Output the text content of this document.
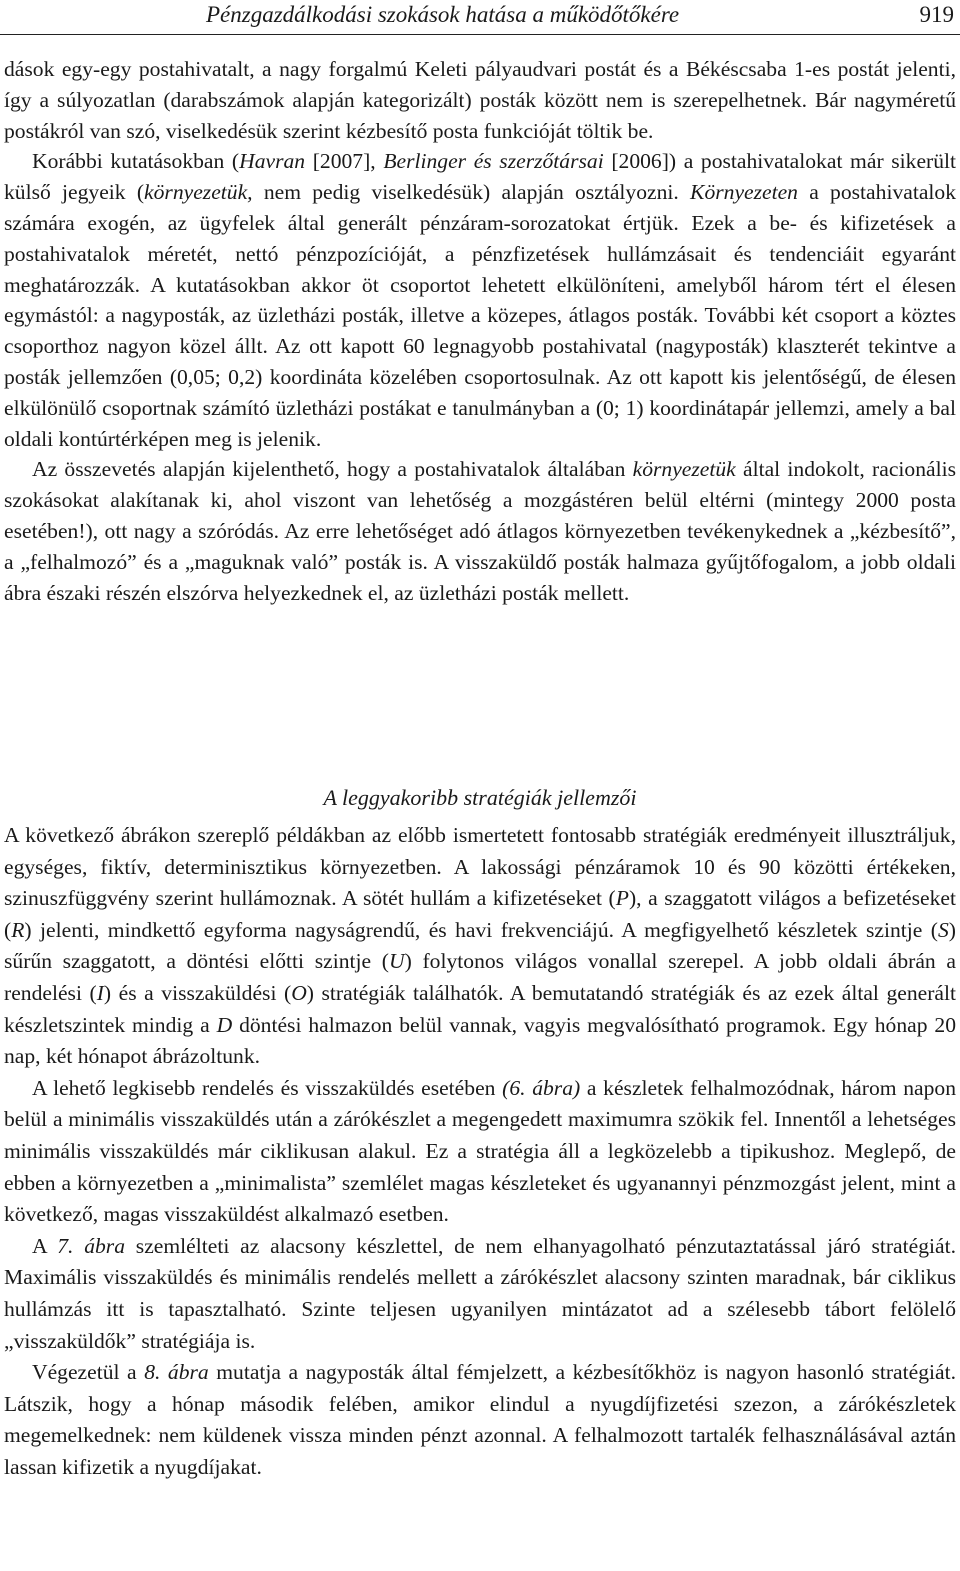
Pénzgazdálkodási szokások hatása a működőtőkére	919

dások egy-egy postahivatalt, a nagy forgalmú Keleti pályaudvari postát és a Békéscsaba 1-es postát jelenti, így a súlyozatlan (darabszámok alapján kategorizált) posták között nem is szerepelhetnek. Bár nagyméretű postákról van szó, viselkedésük szerint kézbesítő posta funkcióját töltik be.

Korábbi kutatásokban (Havran [2007], Berlinger és szerzőtársai [2006]) a postahivatalokat már sikerült külső jegyeik (környezetük, nem pedig viselkedésük) alapján osztályozni. Környezeten a postahivatalok számára exogén, az ügyfelek által generált pénzáram-sorozatokat értjük. Ezek a be- és kifizetések a postahivatalok méretét, nettó pénzpozícióját, a pénzfizetések hullámzásait és tendenciáit egyaránt meghatározzák. A kutatásokban akkor öt csoportot lehetett elkülöníteni, amelyből három tért el élesen egymástól: a nagyposták, az üzletházi posták, illetve a közepes, átlagos posták. További két csoport a köztes csoporthoz nagyon közel állt. Az ott kapott 60 legnagyobb postahivatal (nagyposták) klaszterét tekintve a posták jellemzően (0,05; 0,2) koordináta közelében csoportosulnak. Az ott kapott kis jelentőségű, de élesen elkülönülő csoportnak számító üzletházi postákat e tanulmányban a (0; 1) koordinátapár jellemzi, amely a bal oldali kontúrtérképen meg is jelenik.

Az összevetés alapján kijelenthető, hogy a postahivatalok általában környezetük által indokolt, racionális szokásokat alakítanak ki, ahol viszont van lehetőség a mozgástéren belül eltérni (mintegy 2000 posta esetében!), ott nagy a szóródás. Az erre lehetőséget adó átlagos környezetben tevékenykednek a „kézbesítő”, a „felhalmozó” és a „maguknak való” posták is. A visszaküldő posták halmaza gyűjtőfogalom, a jobb oldali ábra északi részén elszórva helyezkednek el, az üzletházi posták mellett.

A leggyakoribb stratégiák jellemzői

A következő ábrákon szereplő példákban az előbb ismertetett fontosabb stratégiák eredményeit illusztráljuk, egységes, fiktív, determinisztikus környezetben. A lakossági pénzáramok 10 és 90 közötti értékeken, szinuszfüggvény szerint hullámoznak. A sötét hullám a kifizetéseket (P), a szaggatott világos a befizetéseket (R) jelenti, mindkettő egyforma nagyságrendű, és havi frekvenciájú. A megfigyelhető készletek szintje (S) sűrűn szaggatott, a döntési előtti szintje (U) folytonos világos vonallal szerepel. A jobb oldali ábrán a rendelési (I) és a visszaküldési (O) stratégiák találhatók. A bemutatandó stratégiák és az ezek által generált készletszintek mindig a D döntési halmazon belül vannak, vagyis megvalósítható programok. Egy hónap 20 nap, két hónapot ábrázoltunk.

A lehető legkisebb rendelés és visszaküldés esetében (6. ábra) a készletek felhalmozódnak, három napon belül a minimális visszaküldés után a zárókészlet a megengedett maximumra szökik fel. Innentől a lehetséges minimális visszaküldés már ciklikusan alakul. Ez a stratégia áll a legközelebb a tipikushoz. Meglepő, de ebben a környezetben a „minimalista” szemlélet magas készleteket és ugyanannyi pénzmozgást jelent, mint a következő, magas visszaküldést alkalmazó esetben.

A 7. ábra szemlélteti az alacsony készlettel, de nem elhanyagolható pénzutaztatással járó stratégiát. Maximális visszaküldés és minimális rendelés mellett a zárókészlet alacsony szinten maradnak, bár ciklikus hullámzás itt is tapasztalható. Szinte teljesen ugyanilyen mintázatot ad a szélesebb tábort felölelő „visszaküldők” stratégiája is.

Végezetül a 8. ábra mutatja a nagyposták által fémjelzett, a kézbesítőkhöz is nagyon hasonló stratégiát. Látszik, hogy a hónap második felében, amikor elindul a nyugdíjfizetési szezon, a zárókészletek megemelkednek: nem küldenek vissza minden pénzt azonnal. A felhalmozott tartalék felhasználásával aztán lassan kifizetik a nyugdíjakat.
